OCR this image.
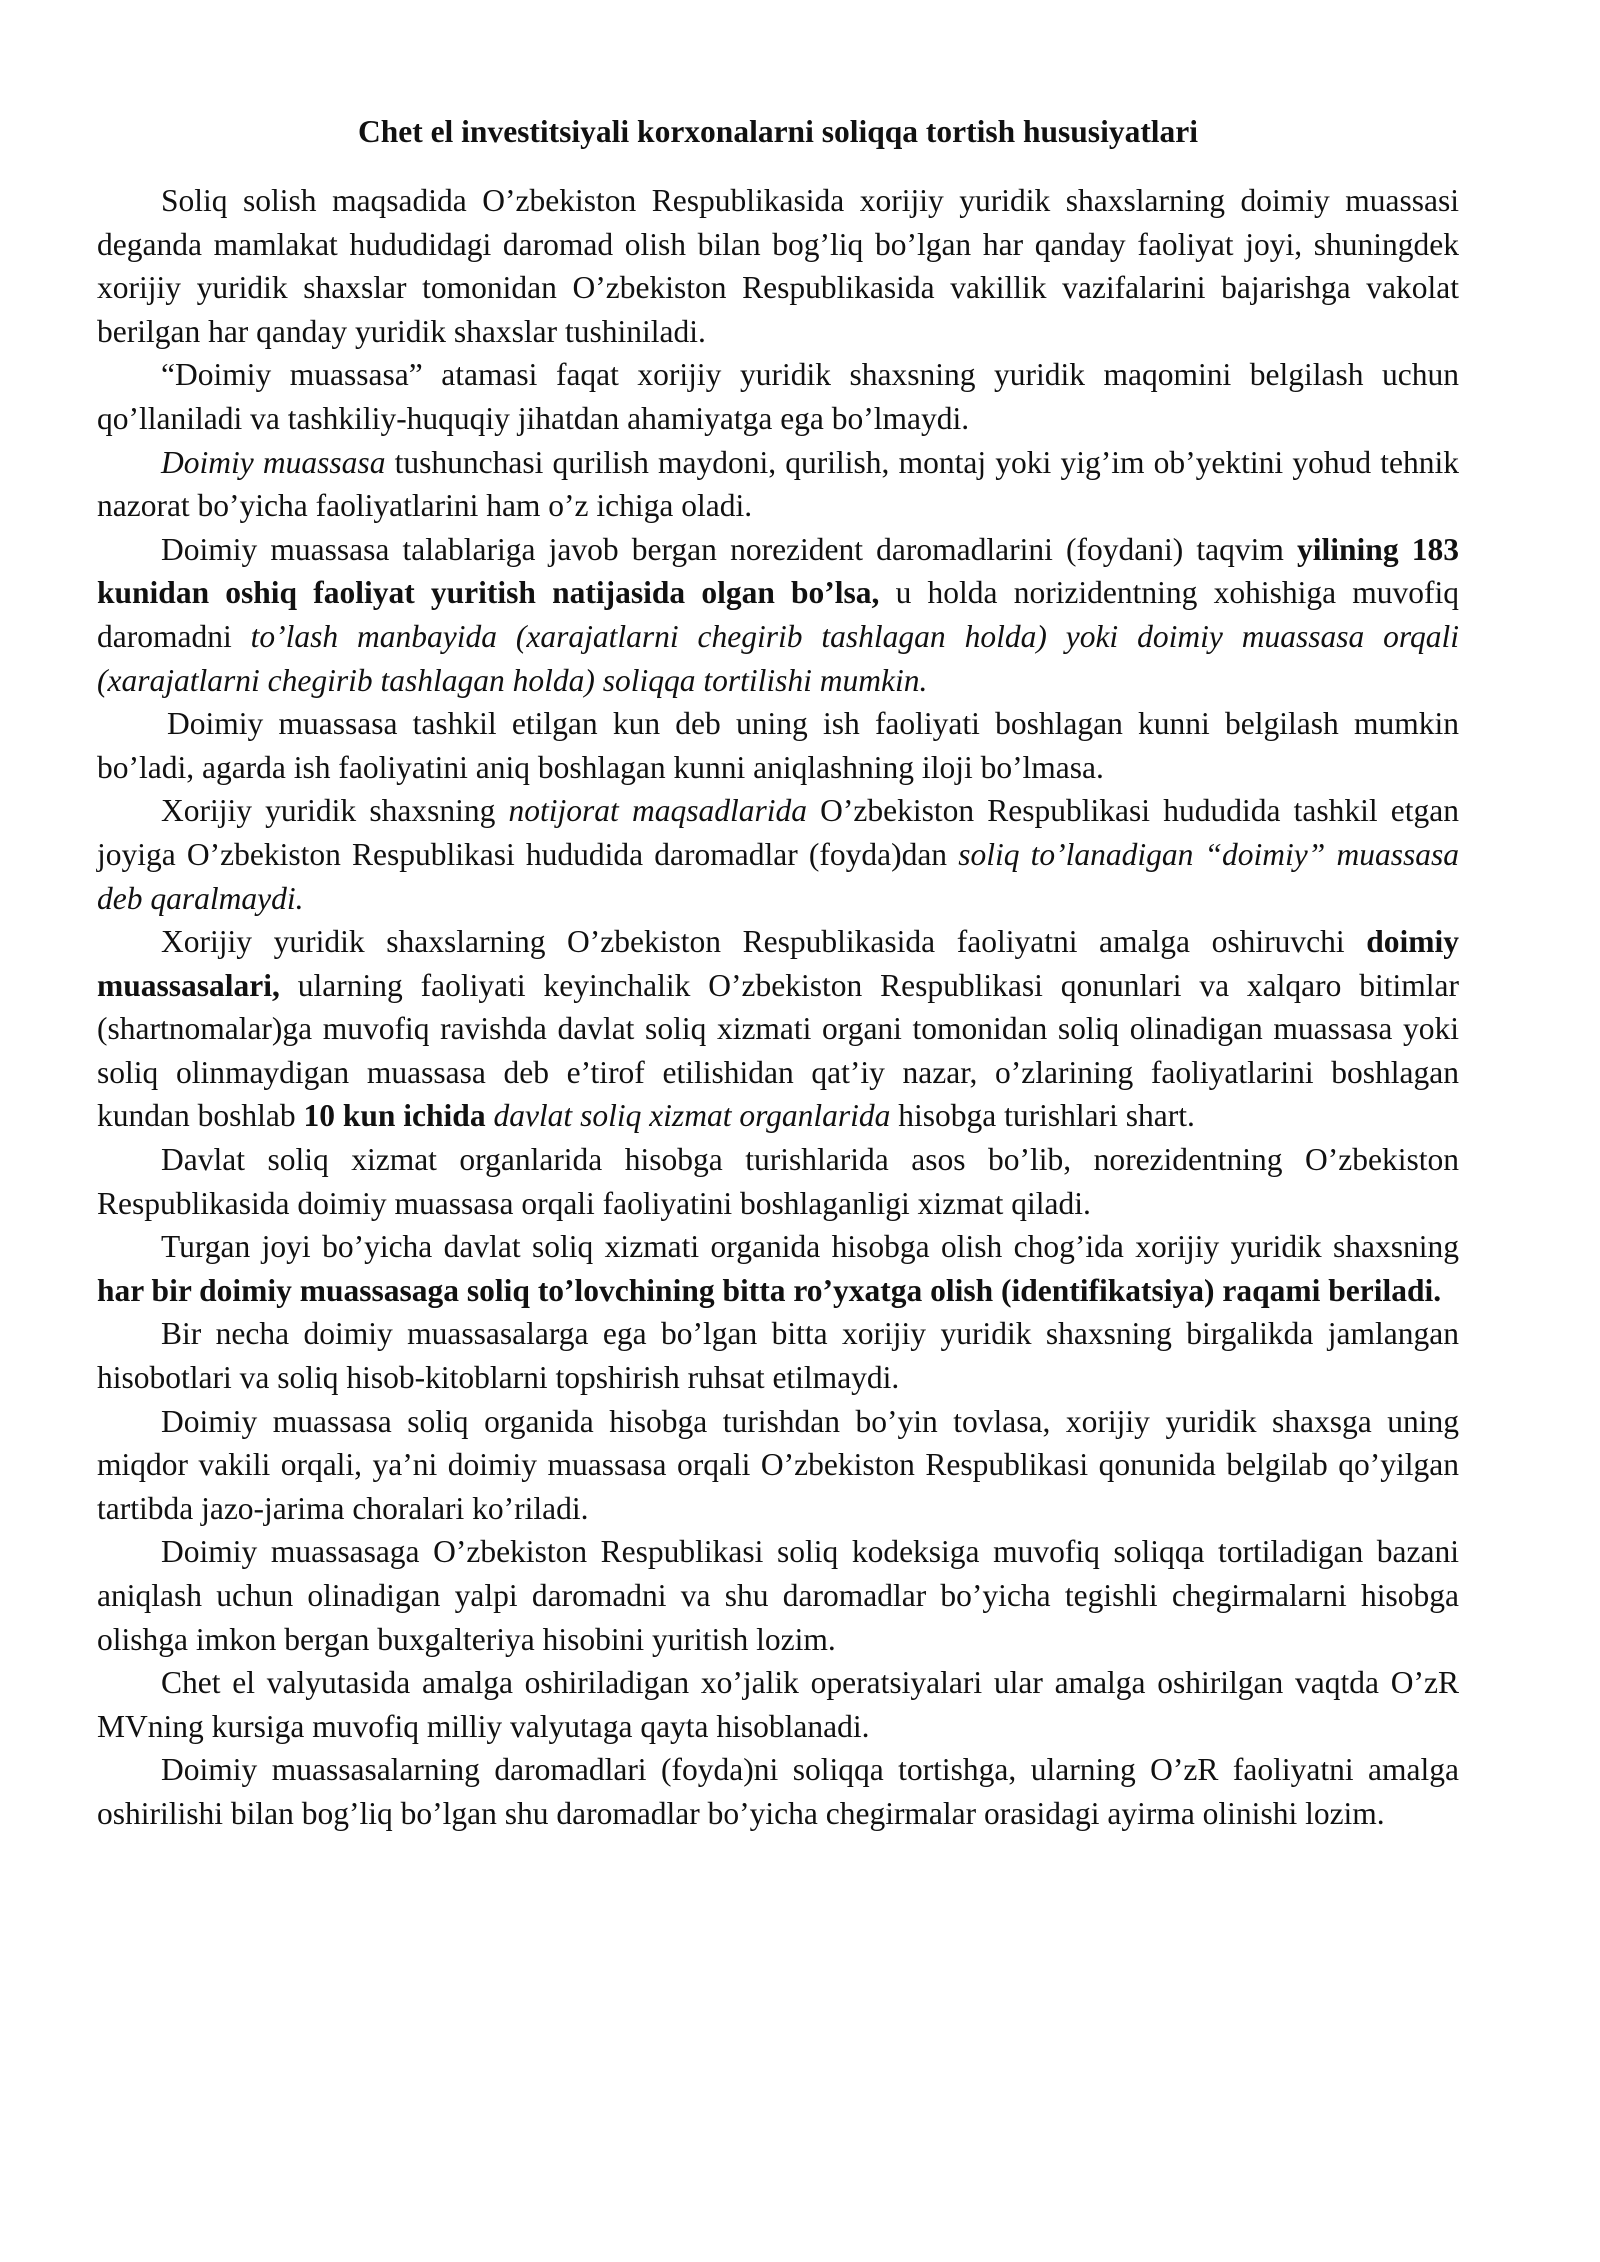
Chet el investitsiyali korxonalarni soliqqa tortish hususiyatlari

Soliq solish maqsadida O’zbekiston Respublikasida xorijiy yuridik shaxslarning doimiy muassasi deganda mamlakat hududidagi daromad olish bilan bog’liq bo’lgan har qanday faoliyat joyi, shuningdek xorijiy yuridik shaxslar tomonidan O’zbekiston Respublikasida vakillik vazifalarini bajarishga vakolat berilgan har qanday yuridik shaxslar tushiniladi.

“Doimiy muassasa” atamasi faqat xorijiy yuridik shaxsning yuridik maqomini belgilash uchun qo’llaniladi va tashkiliy-huquqiy jihatdan ahamiyatga ega bo’lmaydi.

Doimiy muassasa tushunchasi qurilish maydoni, qurilish, montaj yoki yig’im ob’yektini yohud tehnik nazorat bo’yicha faoliyatlarini ham o’z ichiga oladi.

Doimiy muassasa talablariga javob bergan norezident daromadlarini (foydani) taqvim yilining 183 kunidan oshiq faoliyat yuritish natijasida olgan bo’lsa, u holda norizidentning xohishiga muvofiq daromadni to’lash manbayida (xarajatlarni chegirib tashlagan holda) yoki doimiy muassasa orqali (xarajatlarni chegirib tashlagan holda) soliqqa tortilishi mumkin.

Doimiy muassasa tashkil etilgan kun deb uning ish faoliyati boshlagan kunni belgilash mumkin bo’ladi, agarda ish faoliyatini aniq boshlagan kunni aniqlashning iloji bo’lmasa.

Xorijiy yuridik shaxsning notijorat maqsadlarida O’zbekiston Respublikasi hududida tashkil etgan joyiga O’zbekiston Respublikasi hududida daromadlar (foyda)dan soliq to’lanadigan “doimiy” muassasa deb qaralmaydi.

Xorijiy yuridik shaxslarning O’zbekiston Respublikasida faoliyatni amalga oshiruvchi doimiy muassasalari, ularning faoliyati keyinchalik O’zbekiston Respublikasi qonunlari va xalqaro bitimlar (shartnomalar)ga muvofiq ravishda davlat soliq xizmati organi tomonidan soliq olinadigan muassasa yoki soliq olinmaydigan muassasa deb e’tirof etilishidan qat’iy nazar, o’zlarining faoliyatlarini boshlagan kundan boshlab 10 kun ichida davlat soliq xizmat organlarida hisobga turishlari shart.

Davlat soliq xizmat organlarida hisobga turishlarida asos bo’lib, norezidentning O’zbekiston Respublikasida doimiy muassasa orqali faoliyatini boshlaganligi xizmat qiladi.

Turgan joyi bo’yicha davlat soliq xizmati organida hisobga olish chog’ida xorijiy yuridik shaxsning har bir doimiy muassasaga soliq to’lovchining bitta ro’yxatga olish (identifikatsiya) raqami beriladi.

Bir necha doimiy muassasalarga ega bo’lgan bitta xorijiy yuridik shaxsning birgalikda jamlangan hisobotlari va soliq hisob-kitoblarni topshirish ruhsat etilmaydi.

Doimiy muassasa soliq organida hisobga turishdan bo’yin tovlasa, xorijiy yuridik shaxsga uning miqdor vakili orqali, ya’ni doimiy muassasa orqali O’zbekiston Respublikasi qonunida belgilab qo’yilgan tartibda jazo-jarima choralari ko’riladi.

Doimiy muassasaga O’zbekiston Respublikasi soliq kodeksiga muvofiq soliqqa tortiladigan bazani aniqlash uchun olinadigan yalpi daromadni va shu daromadlar bo’yicha tegishli chegirmalarni hisobga olishga imkon bergan buxgalteriya hisobini yuritish lozim.

Chet el valyutasida amalga oshiriladigan xo’jalik operatsiyalari ular amalga oshirilgan vaqtda O’zR MVning kursiga muvofiq milliy valyutaga qayta hisoblanadi.

Doimiy muassasalarning daromadlari (foyda)ni soliqqa tortishga, ularning O’zR faoliyatni amalga oshirilishi bilan bog’liq bo’lgan shu daromadlar bo’yicha chegirmalar orasidagi ayirma olinishi lozim.
